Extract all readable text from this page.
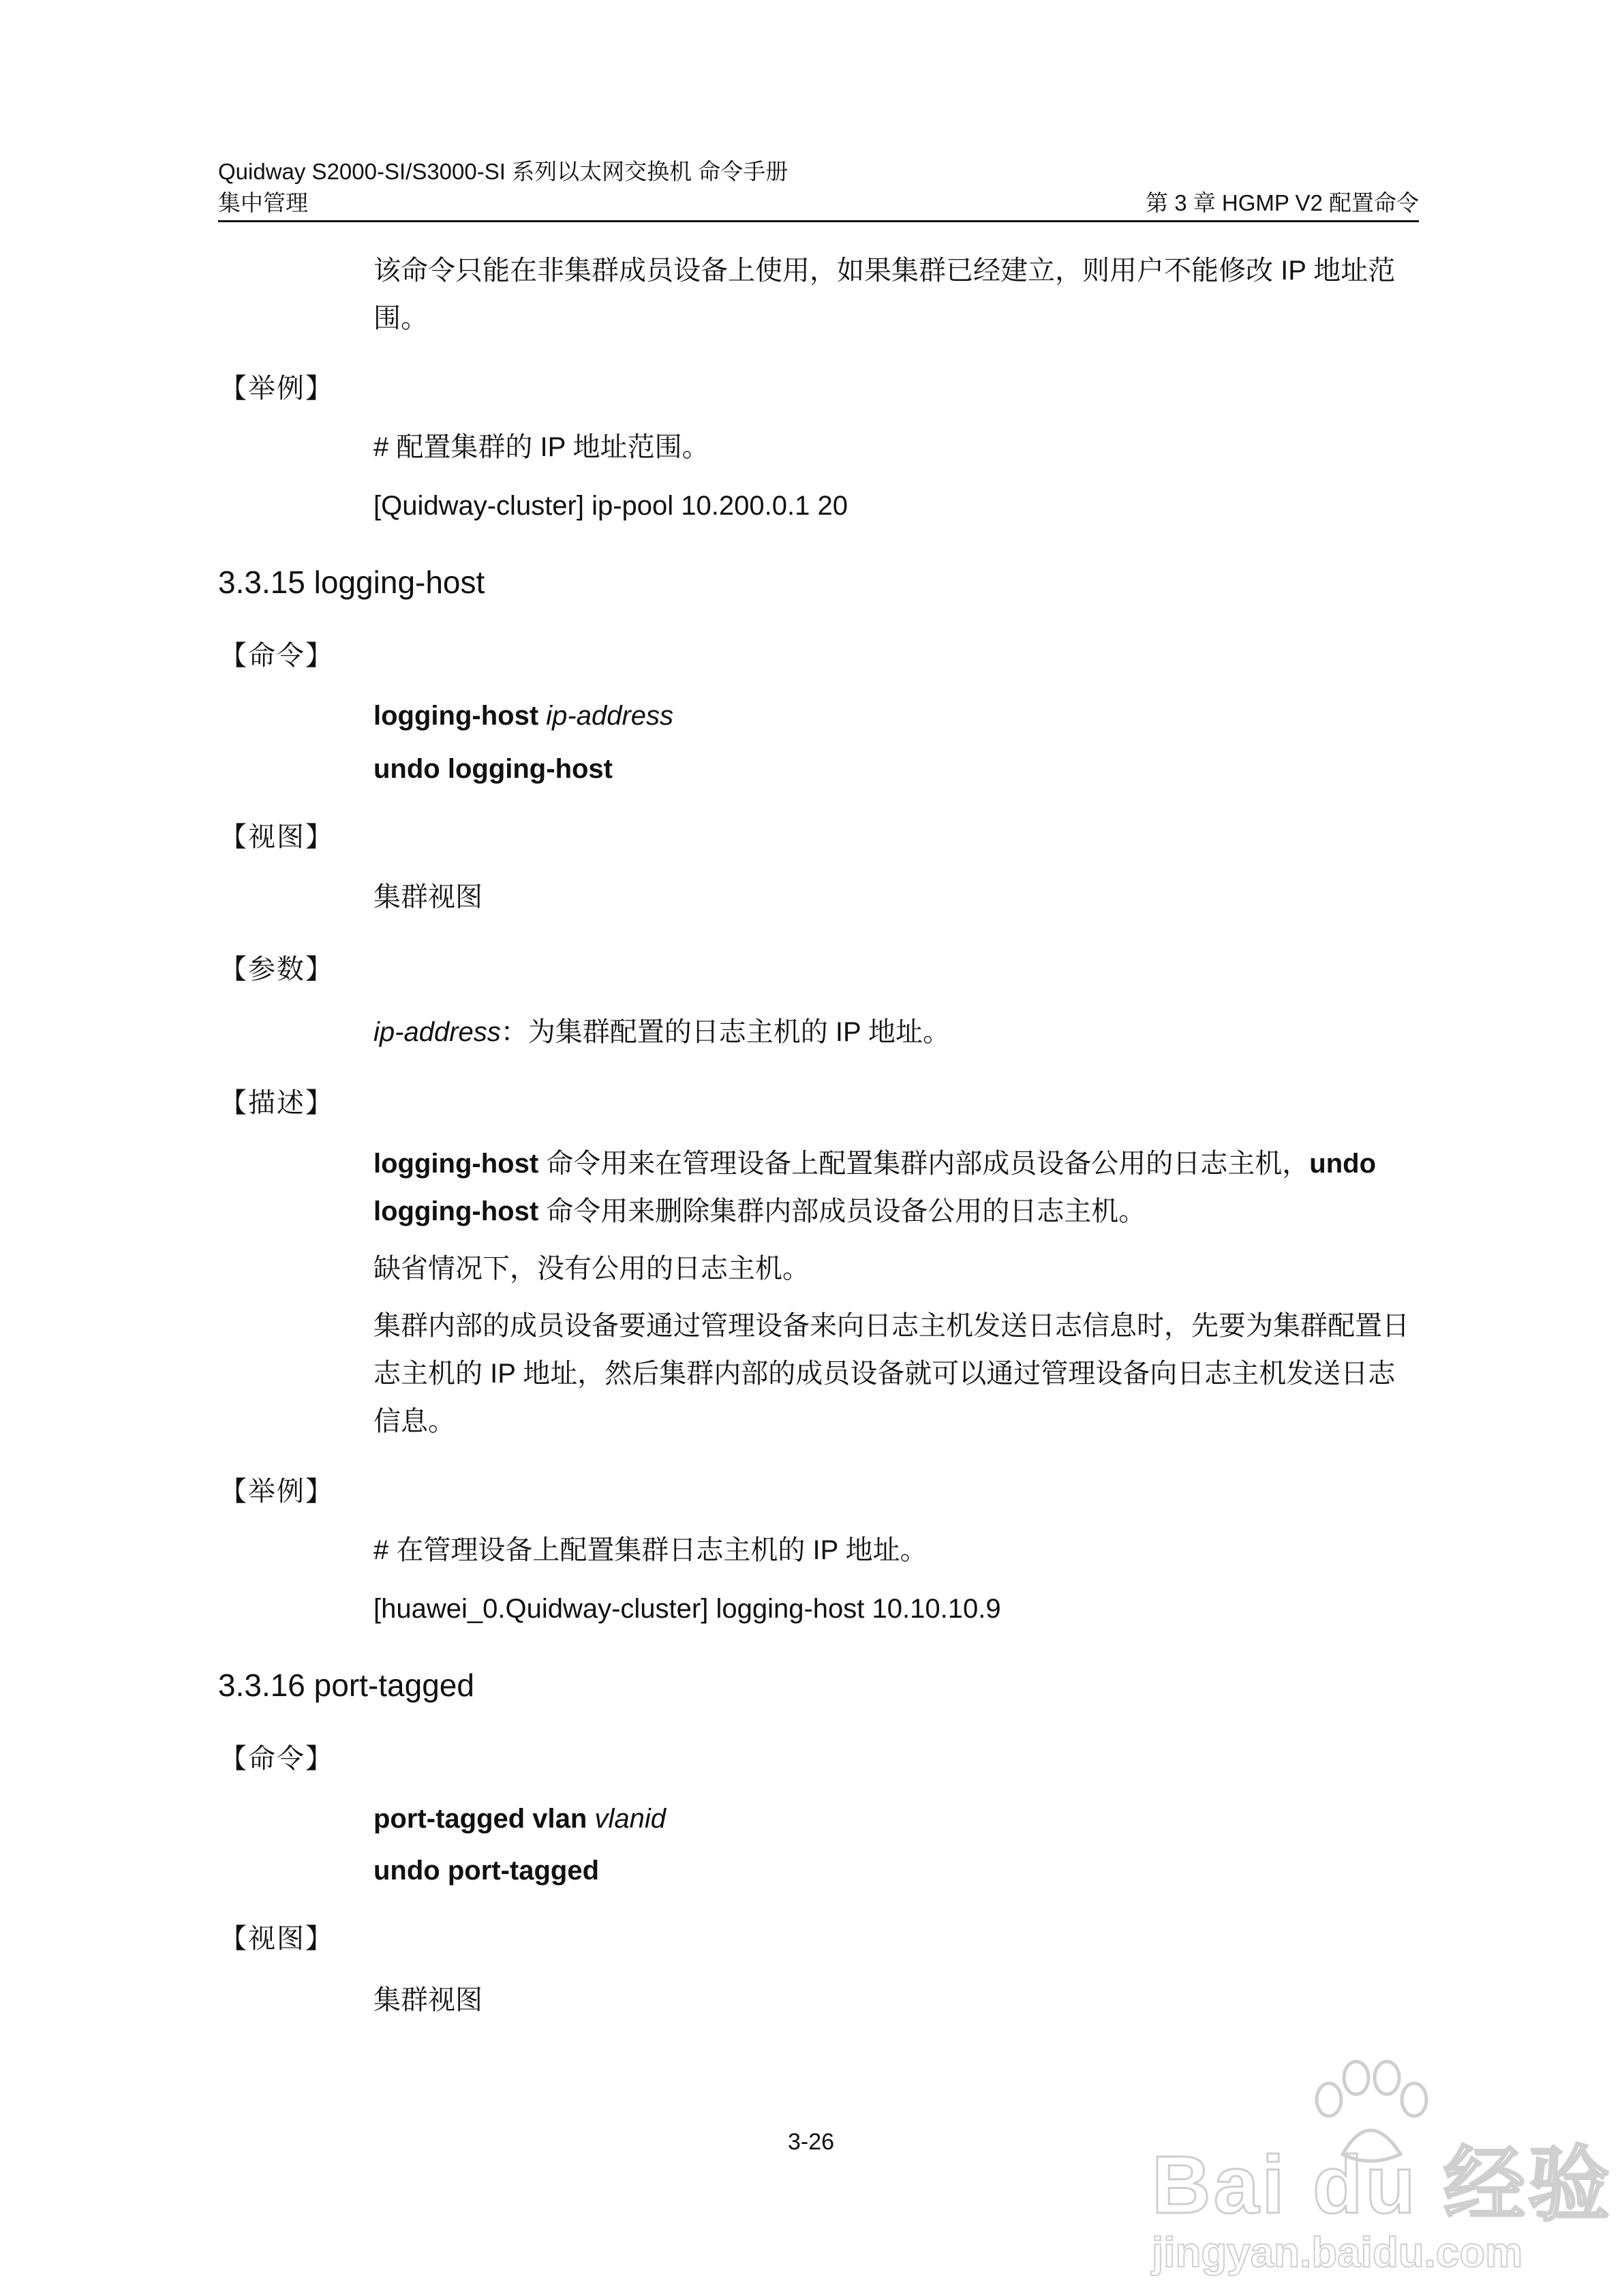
Quidway S2000-SI/S3000-SI 系列以太网交换机 命令手册
集中管理	第 3 章 HGMP V2 配置命令
该命令只能在非集群成员设备上使用，如果集群已经建立，则用户不能修改 IP 地址范围。
【举例】
# 配置集群的 IP 地址范围。
[Quidway-cluster] ip-pool 10.200.0.1 20
3.3.15 logging-host
【命令】
logging-host ip-address
undo logging-host
【视图】
集群视图
【参数】
ip-address：为集群配置的日志主机的 IP 地址。
【描述】
logging-host 命令用来在管理设备上配置集群内部成员设备公用的日志主机，undo logging-host 命令用来删除集群内部成员设备公用的日志主机。
缺省情况下，没有公用的日志主机。
集群内部的成员设备要通过管理设备来向日志主机发送日志信息时，先要为集群配置日志主机的 IP 地址，然后集群内部的成员设备就可以通过管理设备向日志主机发送日志信息。
【举例】
# 在管理设备上配置集群日志主机的 IP 地址。
[huawei_0.Quidway-cluster] logging-host 10.10.10.9
3.3.16 port-tagged
【命令】
port-tagged vlan vlanid
undo port-tagged
【视图】
集群视图
3-26	Bai du 经验
jingyan.baidu.com
